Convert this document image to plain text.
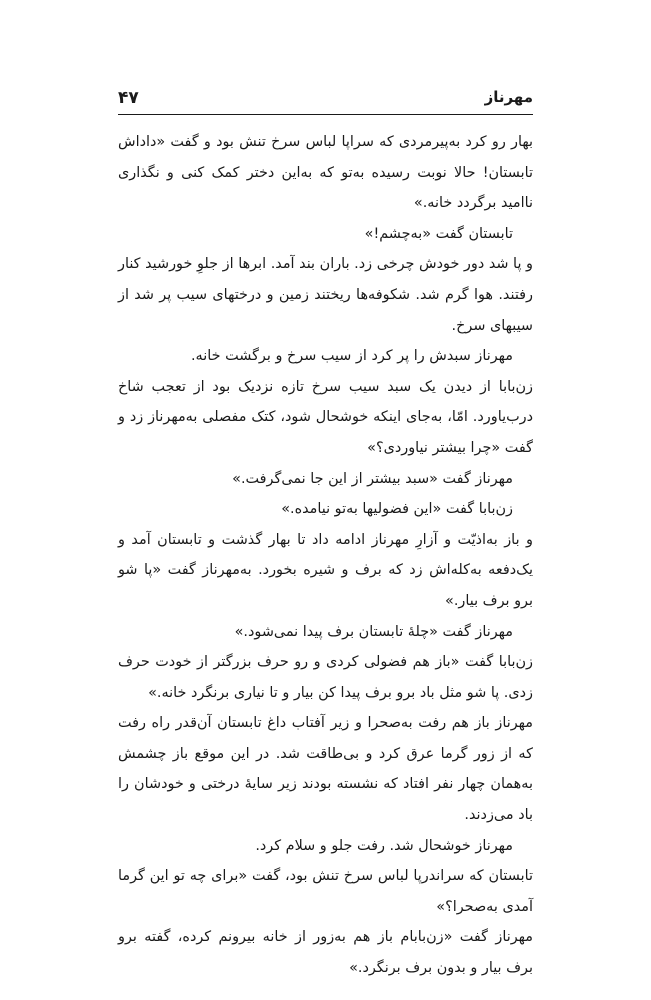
مهرناز
۴۷

بهار رو کرد به‌پیرمردی که سراپا لباس سرخ تنش بود و گفت «داداش تابستان! حالا نوبت رسیده به‌تو که به‌این دختر کمک کنی و نگذاری ناامید برگردد خانه.»

تابستان گفت «به‌چشم!»

و پا شد دور خودش چرخی زد. باران بند آمد. ابرها از جلوِ خورشید کنار رفتند. هوا گرم شد. شکوفه‌ها ریختند زمین و درختهای سیب پر شد از سیبهای سرخ.

مهرناز سبدش را پر کرد از سیب سرخ و برگشت خانه.

زن‌بابا از دیدن یک سبد سیب سرخ تازه نزدیک بود از تعجب شاخ درب‌یاورد. امّا، به‌جای اینکه خوشحال شود، کتک مفصلی به‌مهرناز زد و گفت «چرا بیشتر نیاوردی؟»

مهرناز گفت «سبد بیشتر از این جا نمی‌گرفت.»

زن‌بابا گفت «این فضولیها به‌تو نیامده.»

و باز به‌اذیّت و آزارِ مهرناز ادامه داد تا بهار گذشت و تابستان آمد و یک‌دفعه به‌کله‌اش زد که برف و شیره بخورد. به‌مهرناز گفت «پا شو برو برف بیار.»

مهرناز گفت «چلهٔ تابستان برف پیدا نمی‌شود.»

زن‌بابا گفت «باز هم فضولی کردی و رو حرف بزرگتر از خودت حرف زدی. پا شو مثل باد برو برف پیدا کن بیار و تا نیاری برنگرد خانه.»

مهرناز باز هم رفت به‌صحرا و زیر آفتاب داغ تابستان آن‌قدر راه رفت که از زور گرما عرق کرد و بی‌طاقت شد. در این موقع باز چشمش به‌همان چهار نفر افتاد که نشسته بودند زیر سایهٔ درختی و خودشان را باد می‌زدند.

مهرناز خوشحال شد. رفت جلو و سلام کرد.

تابستان که سراندرپا لباس سرخ تنش بود، گفت «برای چه تو این گرما آمدی به‌صحرا؟»

مهرناز گفت «زن‌بابام باز هم به‌زور از خانه بیرونم کرده، گفته برو برف بیار و بدون برف برنگرد.»
